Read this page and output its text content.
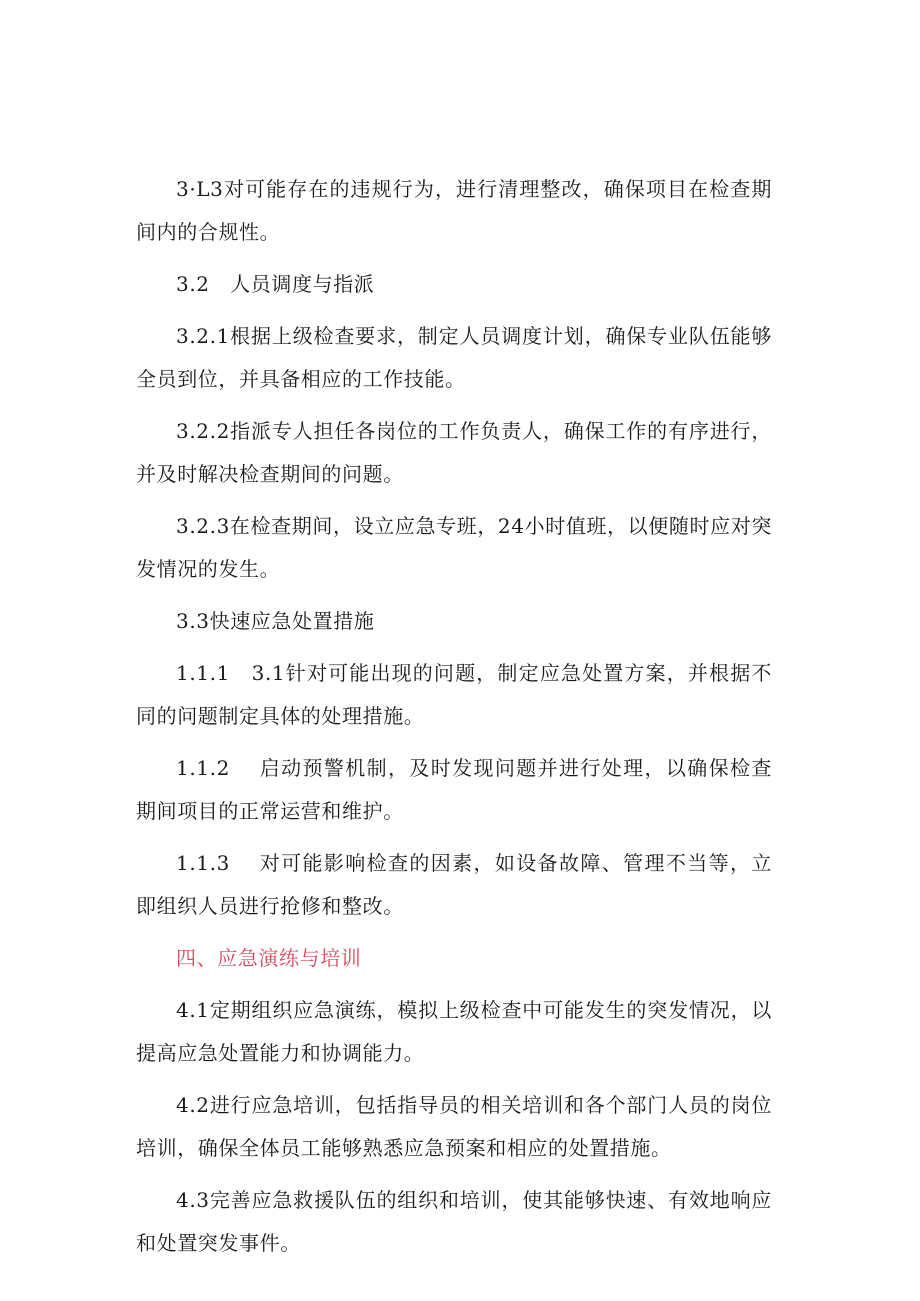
3·L3对可能存在的违规行为，进行清理整改，确保项目在检查期间内的合规性。

3.2　人员调度与指派

3.2.1根据上级检查要求，制定人员调度计划，确保专业队伍能够全员到位，并具备相应的工作技能。

3.2.2指派专人担任各岗位的工作负责人，确保工作的有序进行，并及时解决检查期间的问题。

3.2.3在检查期间，设立应急专班，24小时值班，以便随时应对突发情况的发生。

3.3快速应急处置措施

1.1.1　3.1针对可能出现的问题，制定应急处置方案，并根据不同的问题制定具体的处理措施。

1.1.2　 启动预警机制，及时发现问题并进行处理，以确保检查期间项目的正常运营和维护。

1.1.3　 对可能影响检查的因素，如设备故障、管理不当等，立即组织人员进行抢修和整改。

四、应急演练与培训

4.1定期组织应急演练，模拟上级检查中可能发生的突发情况，以提高应急处置能力和协调能力。

4.2进行应急培训，包括指导员的相关培训和各个部门人员的岗位培训，确保全体员工能够熟悉应急预案和相应的处置措施。

4.3完善应急救援队伍的组织和培训，使其能够快速、有效地响应和处置突发事件。
